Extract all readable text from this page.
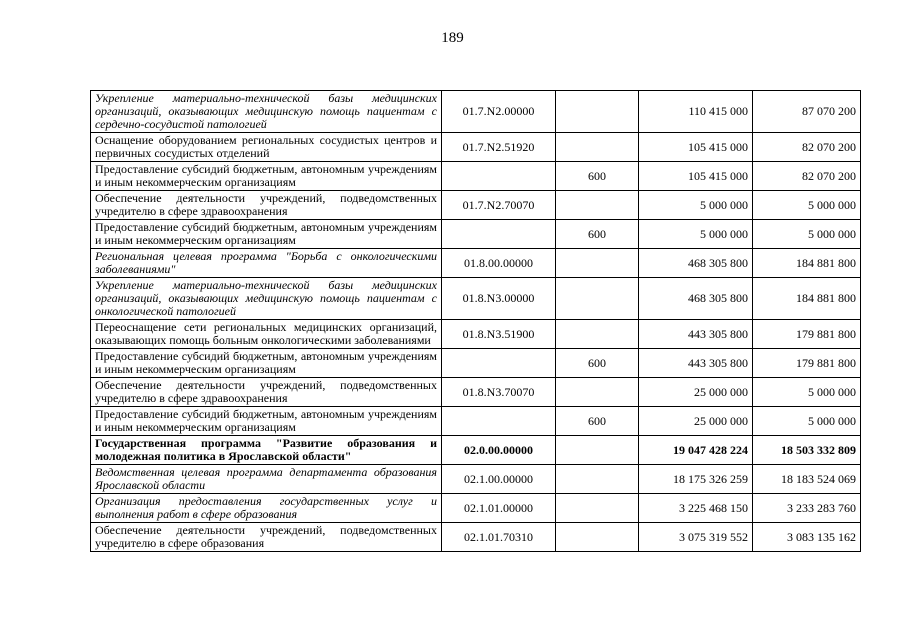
189
Укрепление материально-технической базы медицинских организаций, оказывающих медицинскую помощь пациентам с сердечно-сосудистой патологией	01.7.N2.00000		110 415 000	87 070 200
Оснащение оборудованием региональных сосудистых центров и первичных сосудистых отделений	01.7.N2.51920		105 415 000	82 070 200
Предоставление субсидий бюджетным, автономным учреждениям и иным некоммерческим организациям		600	105 415 000	82 070 200
Обеспечение деятельности учреждений, подведомственных учредителю в сфере здравоохранения	01.7.N2.70070		5 000 000	5 000 000
Предоставление субсидий бюджетным, автономным учреждениям и иным некоммерческим организациям		600	5 000 000	5 000 000
Региональная целевая программа "Борьба с онкологическими заболеваниями"	01.8.00.00000		468 305 800	184 881 800
Укрепление материально-технической базы медицинских организаций, оказывающих медицинскую помощь пациентам с онкологической патологией	01.8.N3.00000		468 305 800	184 881 800
Переоснащение сети региональных медицинских организаций, оказывающих помощь больным онкологическими заболеваниями	01.8.N3.51900		443 305 800	179 881 800
Предоставление субсидий бюджетным, автономным учреждениям и иным некоммерческим организациям		600	443 305 800	179 881 800
Обеспечение деятельности учреждений, подведомственных учредителю в сфере здравоохранения	01.8.N3.70070		25 000 000	5 000 000
Предоставление субсидий бюджетным, автономным учреждениям и иным некоммерческим организациям		600	25 000 000	5 000 000
Государственная программа "Развитие образования и молодежная политика в Ярославской области"	02.0.00.00000		19 047 428 224	18 503 332 809
Ведомственная целевая программа департамента образования Ярославской области	02.1.00.00000		18 175 326 259	18 183 524 069
Организация предоставления государственных услуг и выполнения работ в сфере образования	02.1.01.00000		3 225 468 150	3 233 283 760
Обеспечение деятельности учреждений, подведомственных учредителю в сфере образования	02.1.01.70310		3 075 319 552	3 083 135 162
